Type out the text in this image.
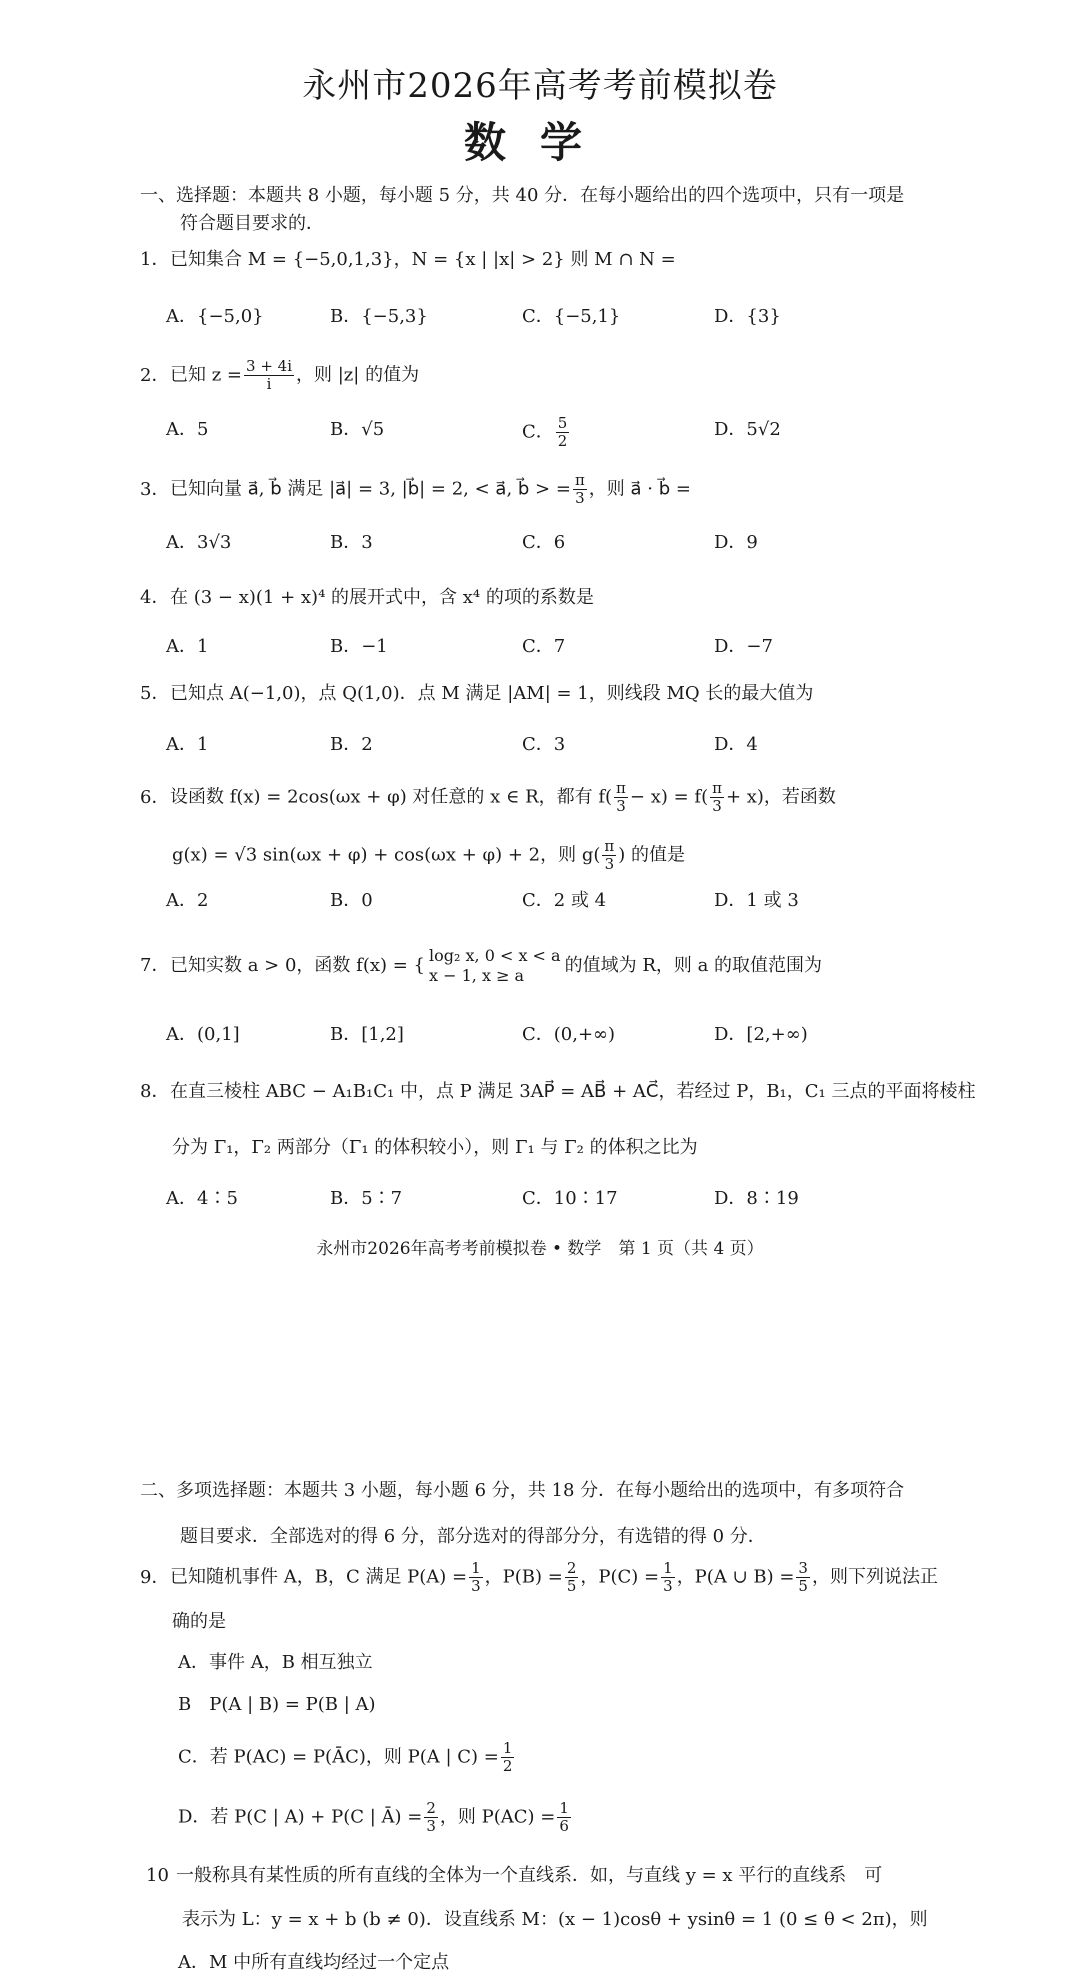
永州市2026年高考考前模拟卷
数学
一、选择题：本题共 8 小题，每小题 5 分，共 40 分．在每小题给出的四个选项中，只有一项是
符合题目要求的．
1．已知集合 M = {−5,0,1,3}，N = {x | |x| > 2} 则 M ∩ N =
A．{−5,0}	B．{−5,3}	C．{−5,1}	D．{3}
2．已知 $z = \frac{3 + 4i}{i}$ ，则 |z| 的值为
A．5	B．√5	C． $\frac{5}{2}$	D．5√2
3．已知向量 a⃗, b⃗ 满足 |a⃗| = 3, |b⃗| = 2, < a⃗, b⃗ > = $\frac{\pi}{3}$ ，则 a⃗ · b⃗ =
A．3√3	B．3	C．6	D．9
4．在 (3 − x)(1 + x)⁴ 的展开式中，含 x⁴ 的项的系数是
A．1	B．−1	C．7	D．−7
5．已知点 A(−1,0)，点 Q(1,0)．点 M 满足 |AM| = 1，则线段 MQ 长的最大值为
A．1	B．2	C．3	D．4
6．设函数 f(x) = 2cos(ωx + φ) 对任意的 x ∈ R，都有 $f( \frac{\pi}{3} - x) = f( \frac{\pi}{3} + x)$，若函数
g(x) = √3 sin(ωx + φ) + cos(ωx + φ) + 2，则 $g( \frac{\pi}{3}$ ) 的值是
A．2	B．0	C．2 或 4	D．1 或 3
7．已知实数 a > 0，函数 f(x) = { log₂ x, 0 < x < a
x − 1, x ≥ a	的值域为 R，则 a 的取值范围为
A．(0,1]	B．[1,2]	C．(0,+∞)	D．[2,+∞)
8．在直三棱柱 ABC − A₁B₁C₁ 中，点 P 满足 3AP⃗ = AB⃗ + AC⃗，若经过 P，B₁，C₁ 三点的平面将棱柱
分为 Γ₁，Γ₂ 两部分（Γ₁ 的体积较小），则 Γ₁ 与 Γ₂ 的体积之比为
A．4∶5	B．5∶7	C．10∶17	D．8∶19
永州市2026年高考考前模拟卷 • 数学　第 1 页（共 4 页）
二、多项选择题：本题共 3 小题，每小题 6 分，共 18 分．在每小题给出的选项中，有多项符合
题目要求．全部选对的得 6 分，部分选对的得部分分，有选错的得 0 分．
9．已知随机事件 A，B，C 满足 $P(A) = \frac{1}{3}$ ，$P(B) = \frac{2}{5}$ ，$P(C) = \frac{1}{3}$ ，P(A ∪ $B) = \frac{3}{5}$ ，则下列说法正
确的是
A．事件 A，B 相互独立
B　P(A | B) = P(B | A)
C．若 P(AC) = P(ĀC)，则 P(A | $C) = \frac{1}{2}$
D．若 P(C | A) + P(C | Ā) = $\frac{2}{3}$ ，则 $P(AC) = \frac{1}{6}$
10 一般称具有某性质的所有直线的全体为一个直线系．如，与直线 y = x 平行的直线系　可
表示为 L：y = x + b (b ≠ 0)．设直线系 M：(x − 1)cosθ + ysinθ = 1 (0 ≤ θ < 2π)，则
A．M 中所有直线均经过一个定点
